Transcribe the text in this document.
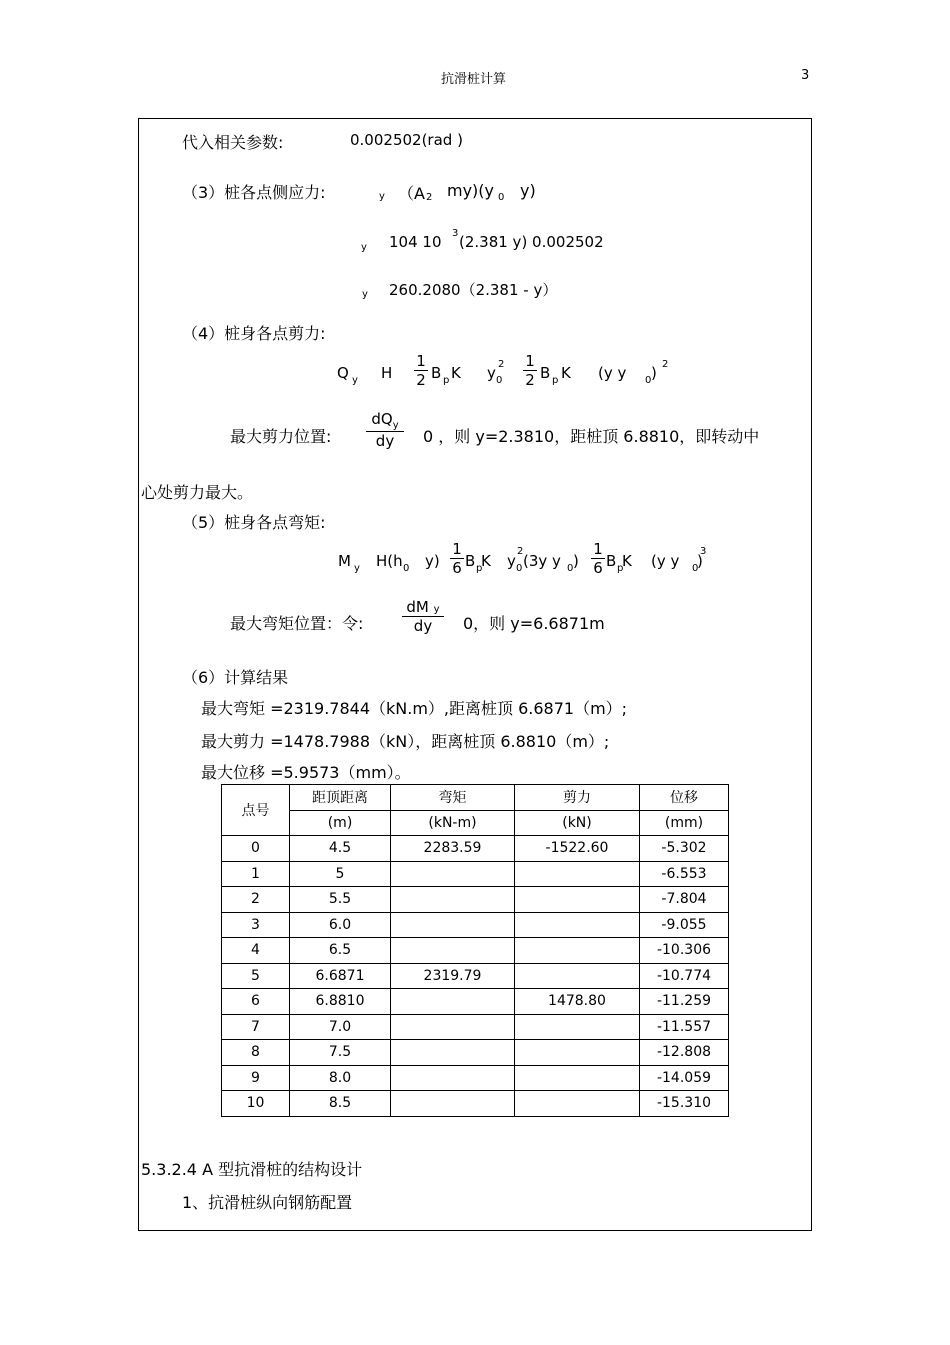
抗滑桩计算	3
代入相关参数:	0.002502(rad )
（3）桩各点侧应力:	y （A 2 my)(y 0 y)
y 104 10 3 (2.381 y) 0.002502
y 260.2080（2.381 - y）
（4）桩身各点剪力:
Q y H
1
2 B p K y 0
2 1
2 B p K (y y 0 ) 2
最大剪力位置:
$dQ_y$
dy	0 ，则 y=2.3810，距桩顶 6.8810，即转动中
心处剪力最大。
（5）桩身各点弯矩:
M y H(h 0 y)
1
6 B p
K y 0
2
(3y y 0 )
1
6 B p
K (y y 0
)
3
最大弯矩位置：令:
dM y
dy	0，则 y=6.6871m
（6）计算结果
最大弯矩 =2319.7844（kN.m）,距离桩顶 6.6871（m）;
最大剪力 =1478.7988（kN），距离桩顶 6.8810（m）;
最大位移 =5.9573（mm）。
点号	距顶距离	弯矩	剪力	位移
	(m)	(kN-m)	(kN)	(mm)
0	4.5	2283.59	-1522.60	-5.302
1	5			-6.553
2	5.5			-7.804
3	6.0			-9.055
4	6.5			-10.306
5	6.6871	2319.79		-10.774
6	6.8810		1478.80	-11.259
7	7.0			-11.557
8	7.5			-12.808
9	8.0			-14.059
10	8.5			-15.310
5.3.2.4 A 型抗滑桩的结构设计
1、抗滑桩纵向钢筋配置
